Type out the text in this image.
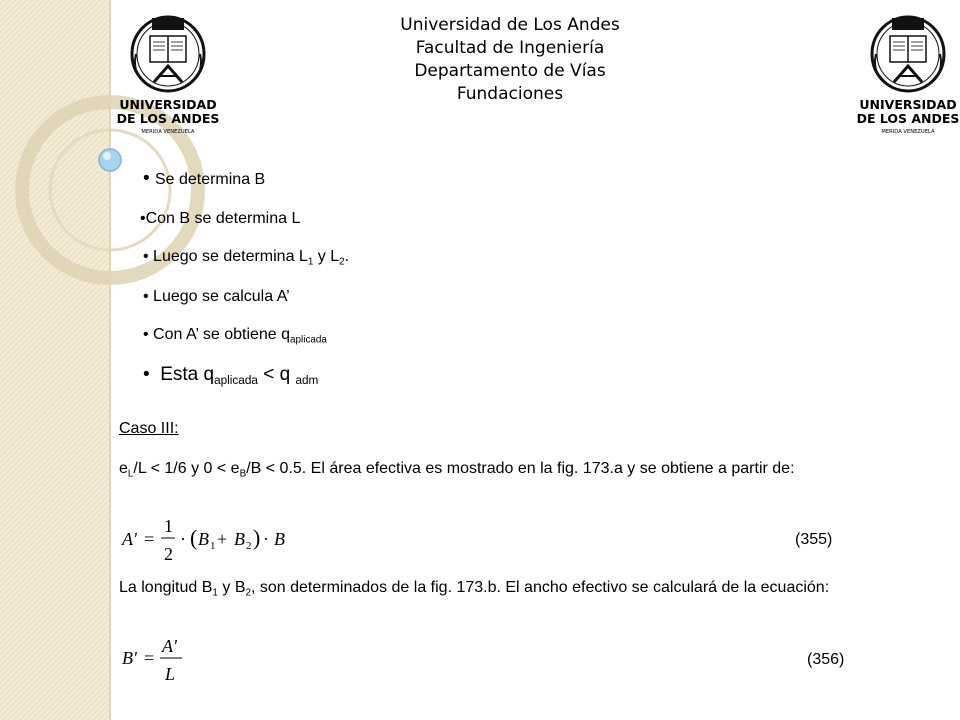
UNIVERSIDAD
DE LOS ANDES
MERIDA VENEZUELA
UNIVERSIDAD
DE LOS ANDES
MERIDA VENEZUELA
Universidad de Los Andes
Facultad de Ingeniería
Departamento de Vías
Fundaciones
• Se determina B
•Con B se determina L
• Luego se determina $L_1$ y $L_2$.
• Luego se calcula A’
• Con A’ se obtiene $q_{aplicada}$
•  Esta $q_{aplicada} < q$ $_{adm}$
Caso III:
$e_L/L < 1/6$ y $0 < e_B/B < 0.5$. El área efectiva es mostrado en la fig. 173.a y se obtiene a partir de:
A' =
1
2
· ( B 1 + B 2 ) · B	(355)
La longitud $B_1$ y $B_2$, son determinados de la fig. 173.b. El ancho efectivo se calculará de la ecuación:
B' =
A'
L
(356)
